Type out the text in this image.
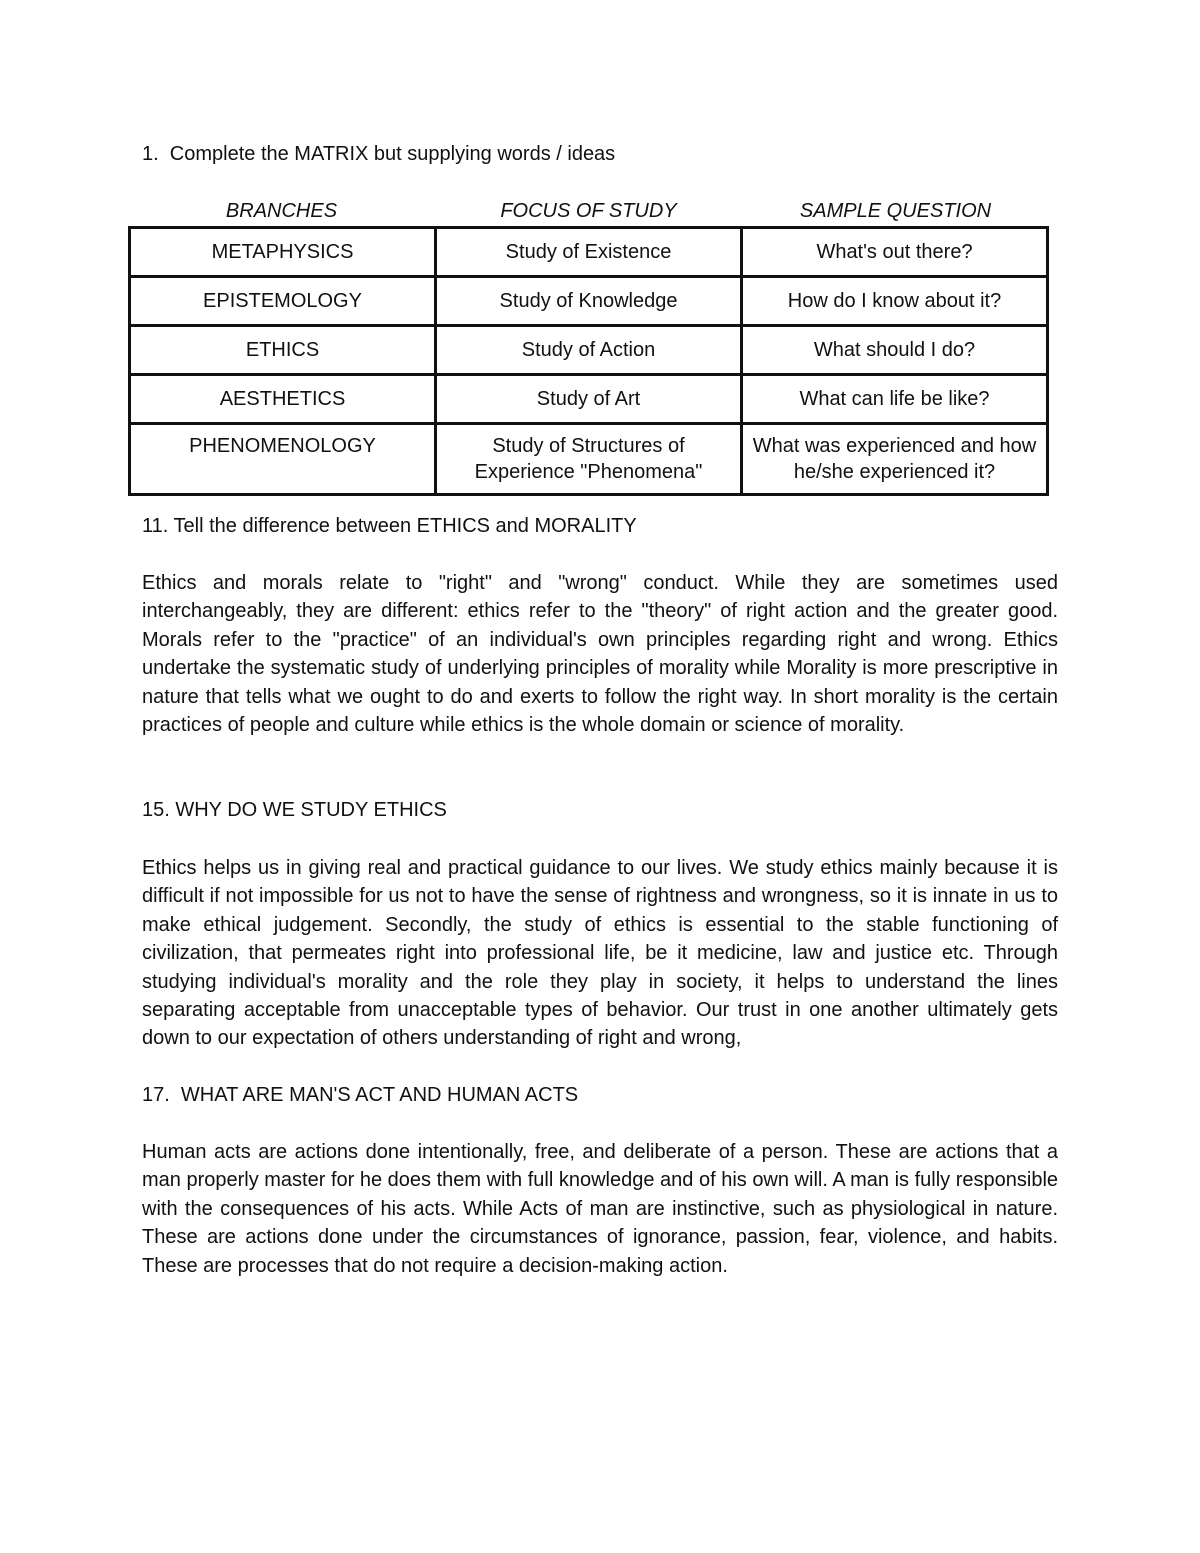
1.  Complete the MATRIX but supplying words / ideas
BRANCHES	FOCUS OF STUDY	SAMPLE QUESTION
METAPHYSICS	Study of Existence	What's out there?
EPISTEMOLOGY	Study of Knowledge	How do I know about it?
ETHICS	Study of Action	What should I do?
AESTHETICS	Study of Art	What can life be like?
PHENOMENOLOGY	Study of Structures of Experience "Phenomena"	What was experienced and how he/she experienced it?
11. Tell the difference between ETHICS and MORALITY

Ethics and morals relate to "right" and "wrong" conduct. While they are sometimes used interchangeably, they are different: ethics refer to the "theory" of right action and the greater good. Morals refer to the "practice" of an individual's own principles regarding right and wrong. Ethics undertake the systematic study of underlying principles of morality while Morality is more prescriptive in nature that tells what we ought to do and exerts to follow the right way. In short morality is the certain practices of people and culture while ethics is the whole domain or science of morality.

15. WHY DO WE STUDY ETHICS

Ethics helps us in giving real and practical guidance to our lives. We study ethics mainly because it is difficult if not impossible for us not to have the sense of rightness and wrongness, so it is innate in us to make ethical judgement. Secondly, the study of ethics is essential to the stable functioning of civilization, that permeates right into professional life, be it medicine, law and justice etc. Through studying individual's morality and the role they play in society, it helps to understand the lines separating acceptable from unacceptable types of behavior. Our trust in one another ultimately gets down to our expectation of others understanding of right and wrong,

17.  WHAT ARE MAN'S ACT AND HUMAN ACTS

Human acts are actions done intentionally, free, and deliberate of a person. These are actions that a man properly master for he does them with full knowledge and of his own will. A man is fully responsible with the consequences of his acts. While Acts of man are instinctive, such as physiological in nature. These are actions done under the circumstances of ignorance, passion, fear, violence, and habits. These are processes that do not require a decision-making action.
